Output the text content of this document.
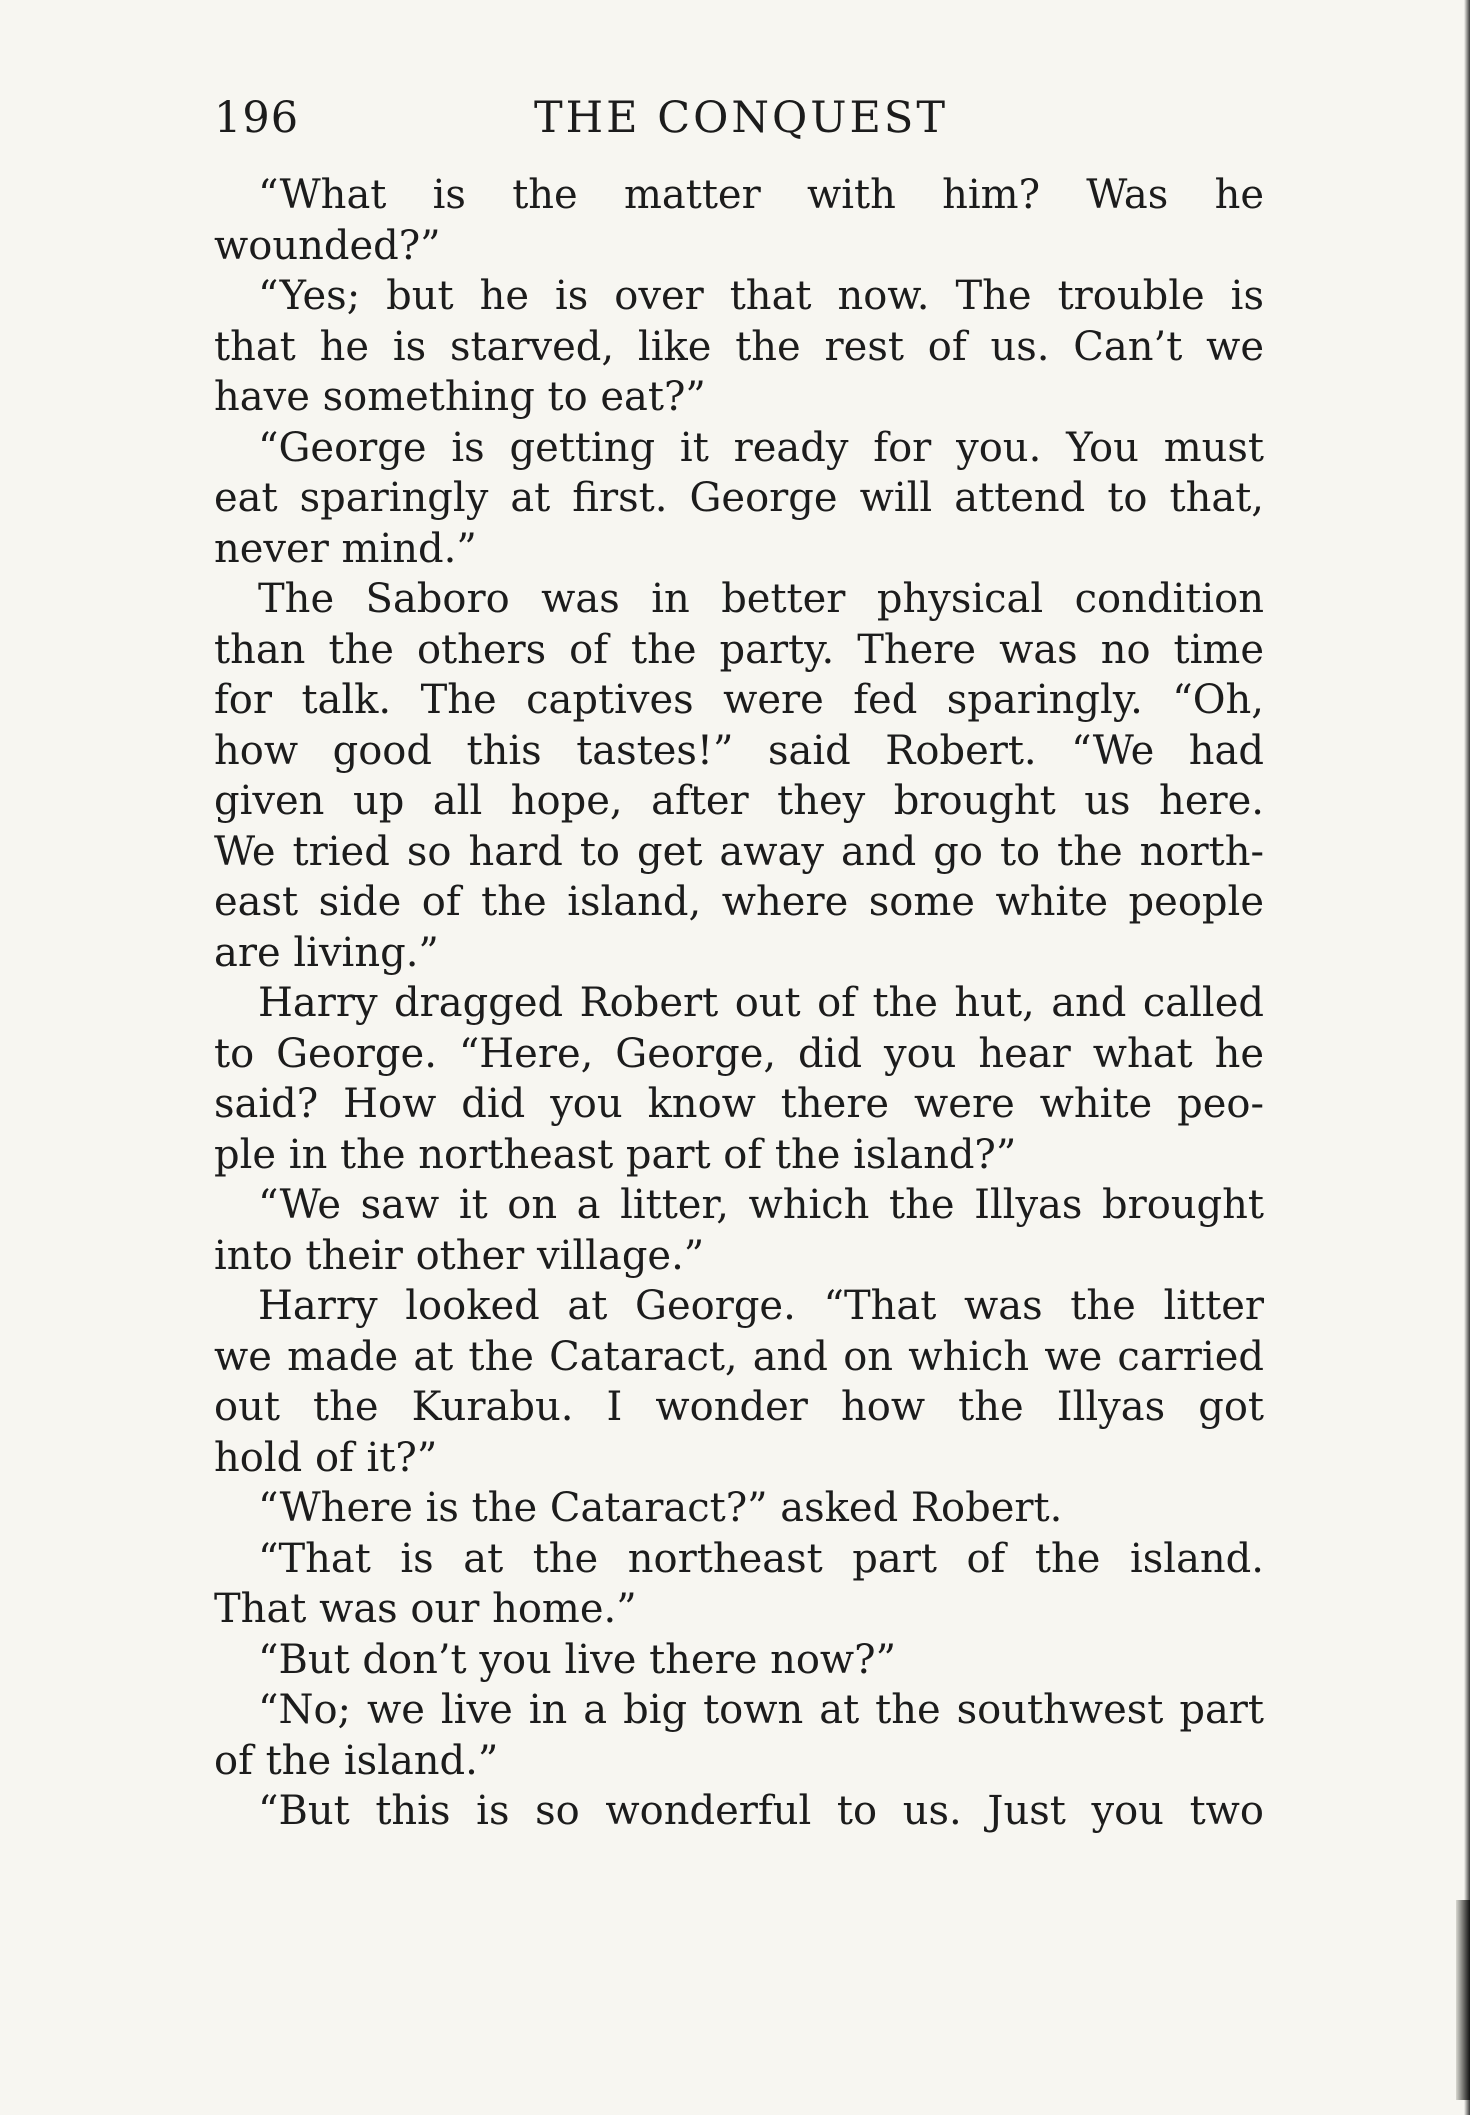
196	THE CONQUEST
“What is the matter with him? Was he
wounded?”
“Yes; but he is over that now. The trouble is
that he is starved, like the rest of us. Can’t we
have something to eat?”
“George is getting it ready for you. You must
eat sparingly at first. George will attend to that,
never mind.”
The Saboro was in better physical condition
than the others of the party. There was no time
for talk. The captives were fed sparingly. “Oh,
how good this tastes!” said Robert. “We had
given up all hope, after they brought us here.
We tried so hard to get away and go to the north-
east side of the island, where some white people
are living.”
Harry dragged Robert out of the hut, and called
to George. “Here, George, did you hear what he
said? How did you know there were white peo-
ple in the northeast part of the island?”
“We saw it on a litter, which the Illyas brought
into their other village.”
Harry looked at George. “That was the litter
we made at the Cataract, and on which we carried
out the Kurabu. I wonder how the Illyas got
hold of it?”
“Where is the Cataract?” asked Robert.
“That is at the northeast part of the island.
That was our home.”
“But don’t you live there now?”
“No; we live in a big town at the southwest part
of the island.”
“But this is so wonderful to us. Just you two
